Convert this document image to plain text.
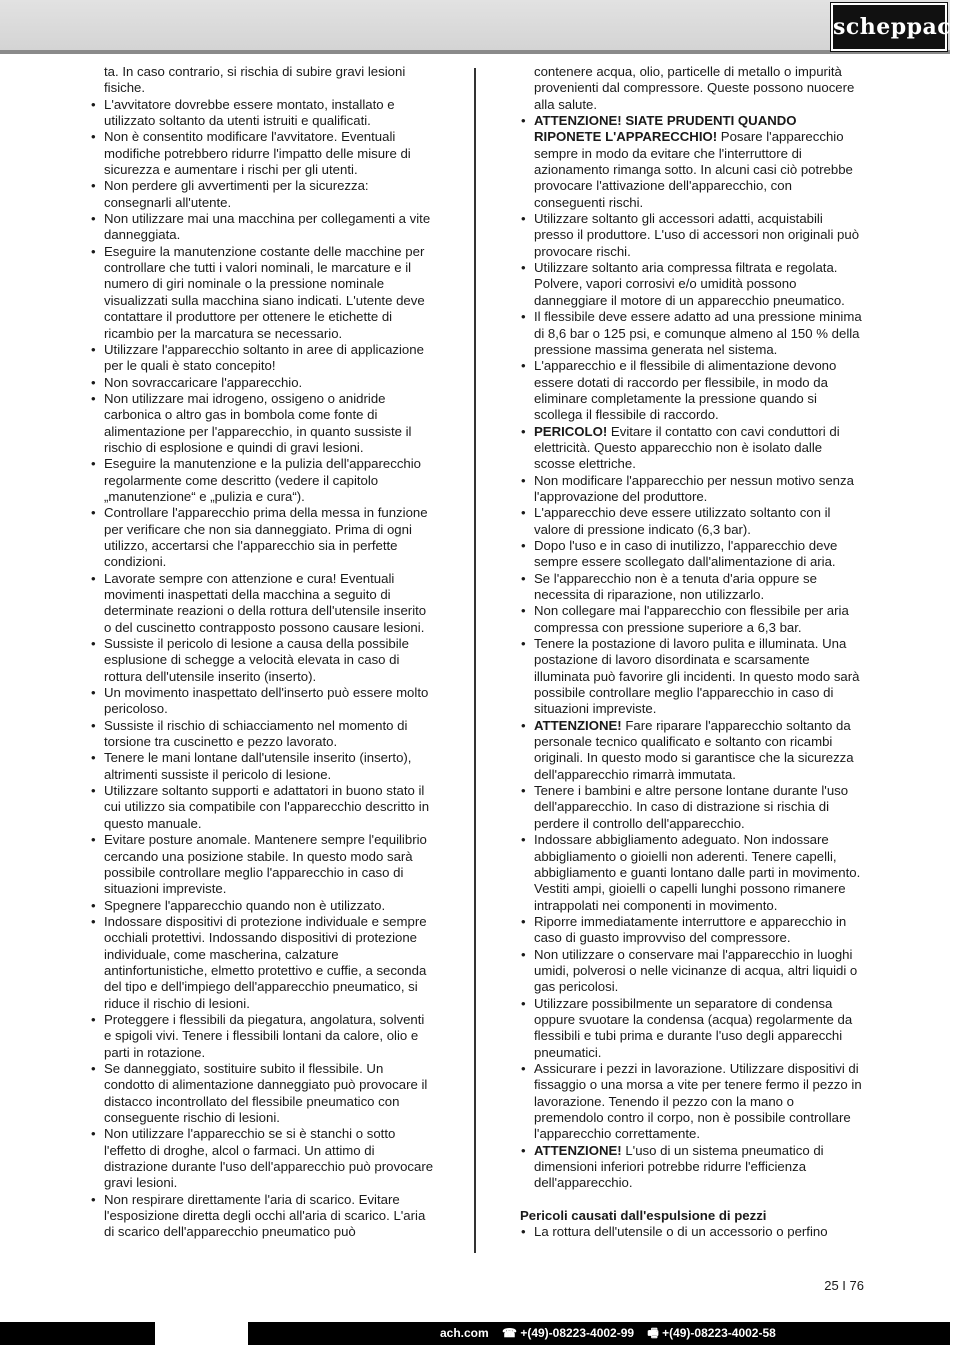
scheppach
ta. In caso contrario, si rischia di subire gravi lesioni fisiche.
• L'avvitatore dovrebbe essere montato, installato e utilizzato soltanto da utenti istruiti e qualificati.
• Non è consentito modificare l'avvitatore. Eventuali modifiche potrebbero ridurre l'impatto delle misure di sicurezza e aumentare i rischi per gli utenti.
• Non perdere gli avvertimenti per la sicurezza: consegnarli all'utente.
• Non utilizzare mai una macchina per collegamenti a vite danneggiata.
• Eseguire la manutenzione costante delle macchine per controllare che tutti i valori nominali, le marcature e il numero di giri nominale o la pressione nominale visualizzati sulla macchina siano indicati. L'utente deve contattare il produttore per ottenere le etichette di ricambio per la marcatura se necessario.
• Utilizzare l'apparecchio soltanto in aree di applicazione per le quali è stato concepito!
• Non sovraccaricare l'apparecchio.
• Non utilizzare mai idrogeno, ossigeno o anidride carbonica o altro gas in bombola come fonte di alimentazione per l'apparecchio, in quanto sussiste il rischio di esplosione e quindi di gravi lesioni.
• Eseguire la manutenzione e la pulizia dell'apparecchio regolarmente come descritto (vedere il capitolo „manutenzione“ e „pulizia e cura“).
• Controllare l'apparecchio prima della messa in funzione per verificare che non sia danneggiato. Prima di ogni utilizzo, accertarsi che l'apparecchio sia in perfette condizioni.
• Lavorate sempre con attenzione e cura! Eventuali movimenti inaspettati della macchina a seguito di determinate reazioni o della rottura dell'utensile inserito o del cuscinetto contrapposto possono causare lesioni.
• Sussiste il pericolo di lesione a causa della possibile esplusione di schegge a velocità elevata in caso di rottura dell'utensile inserito (inserto).
• Un movimento inaspettato dell'inserto può essere molto pericoloso.
• Sussiste il rischio di schiacciamento nel momento di torsione tra cuscinetto e pezzo lavorato.
• Tenere le mani lontane dall'utensile inserito (inserto), altrimenti sussiste il pericolo di lesione.
• Utilizzare soltanto supporti e adattatori in buono stato il cui utilizzo sia compatibile con l'apparecchio descritto in questo manuale.
• Evitare posture anomale. Mantenere sempre l'equilibrio cercando una posizione stabile. In questo modo sarà possibile controllare meglio l'apparecchio in caso di situazioni impreviste.
• Spegnere l'apparecchio quando non è utilizzato.
• Indossare dispositivi di protezione individuale e sempre occhiali protettivi. Indossando dispositivi di protezione individuale, come mascherina, calzature antinfortunistiche, elmetto protettivo e cuffie, a seconda del tipo e dell'impiego dell'apparecchio pneumatico, si riduce il rischio di lesioni.
• Proteggere i flessibili da piegatura, angolatura, solventi e spigoli vivi. Tenere i flessibili lontani da calore, olio e parti in rotazione.
• Se danneggiato, sostituire subito il flessibile. Un condotto di alimentazione danneggiato può provocare il distacco incontrollato del flessibile pneumatico con conseguente rischio di lesioni.
• Non utilizzare l'apparecchio se si è stanchi o sotto l'effetto di droghe, alcol o farmaci. Un attimo di distrazione durante l'uso dell'apparecchio può provocare gravi lesioni.
• Non respirare direttamente l'aria di scarico. Evitare l'esposizione diretta degli occhi all'aria di scarico. L'aria di scarico dell'apparecchio pneumatico può
contenere acqua, olio, particelle di metallo o impurità provenienti dal compressore. Queste possono nuocere alla salute.
• ATTENZIONE! SIATE PRUDENTI QUANDO RIPONETE L'APPARECCHIO! Posare l'apparecchio sempre in modo da evitare che l'interruttore di azionamento rimanga sotto. In alcuni casi ciò potrebbe provocare l'attivazione dell'apparecchio, con conseguenti rischi.
• Utilizzare soltanto gli accessori adatti, acquistabili presso il produttore. L'uso di accessori non originali può provocare rischi.
• Utilizzare soltanto aria compressa filtrata e regolata. Polvere, vapori corrosivi e/o umidità possono danneggiare il motore di un apparecchio pneumatico.
• Il flessibile deve essere adatto ad una pressione minima di 8,6 bar o 125 psi, e comunque almeno al 150 % della pressione massima generata nel sistema.
• L'apparecchio e il flessibile di alimentazione devono essere dotati di raccordo per flessibile, in modo da eliminare completamente la pressione quando si scollega il flessibile di raccordo.
• PERICOLO! Evitare il contatto con cavi conduttori di elettricità. Questo apparecchio non è isolato dalle scosse elettriche.
• Non modificare l'apparecchio per nessun motivo senza l'approvazione del produttore.
• L'apparecchio deve essere utilizzato soltanto con il valore di pressione indicato (6,3 bar).
• Dopo l'uso e in caso di inutilizzo, l'apparecchio deve sempre essere scollegato dall'alimentazione di aria.
• Se l'apparecchio non è a tenuta d'aria oppure se necessita di riparazione, non utilizzarlo.
• Non collegare mai l'apparecchio con flessibile per aria compressa con pressione superiore a 6,3 bar.
• Tenere la postazione di lavoro pulita e illuminata. Una postazione di lavoro disordinata e scarsamente illuminata può favorire gli incidenti. In questo modo sarà possibile controllare meglio l'apparecchio in caso di situazioni impreviste.
• ATTENZIONE! Fare riparare l'apparecchio soltanto da personale tecnico qualificato e soltanto con ricambi originali. In questo modo si garantisce che la sicurezza dell'apparecchio rimarrà immutata.
• Tenere i bambini e altre persone lontane durante l'uso dell'apparecchio. In caso di distrazione si rischia di perdere il controllo dell'apparecchio.
• Indossare abbigliamento adeguato. Non indossare abbigliamento o gioielli non aderenti. Tenere capelli, abbigliamento e guanti lontano dalle parti in movimento. Vestiti ampi, gioielli o capelli lunghi possono rimanere intrappolati nei componenti in movimento.
• Riporre immediatamente interruttore e apparecchio in caso di guasto improvviso del compressore.
• Non utilizzare o conservare mai l'apparecchio in luoghi umidi, polverosi o nelle vicinanze di acqua, altri liquidi o gas pericolosi.
• Utilizzare possibilmente un separatore di condensa oppure svuotare la condensa (acqua) regolarmente da flessibili e tubi prima e durante l'uso degli apparecchi pneumatici.
• Assicurare i pezzi in lavorazione. Utilizzare dispositivi di fissaggio o una morsa a vite per tenere fermo il pezzo in lavorazione. Tenendo il pezzo con la mano o premendolo contro il corpo, non è possibile controllare l'apparecchio correttamente.
• ATTENZIONE! L'uso di un sistema pneumatico di dimensioni inferiori potrebbe ridurre l'efficienza dell'apparecchio.
Pericoli causati dall'espulsione di pezzi
• La rottura dell'utensile o di un accessorio o perfino
25 I 76
ach.com ☎ +(49)-08223-4002-99 🖷 +(49)-08223-4002-58
